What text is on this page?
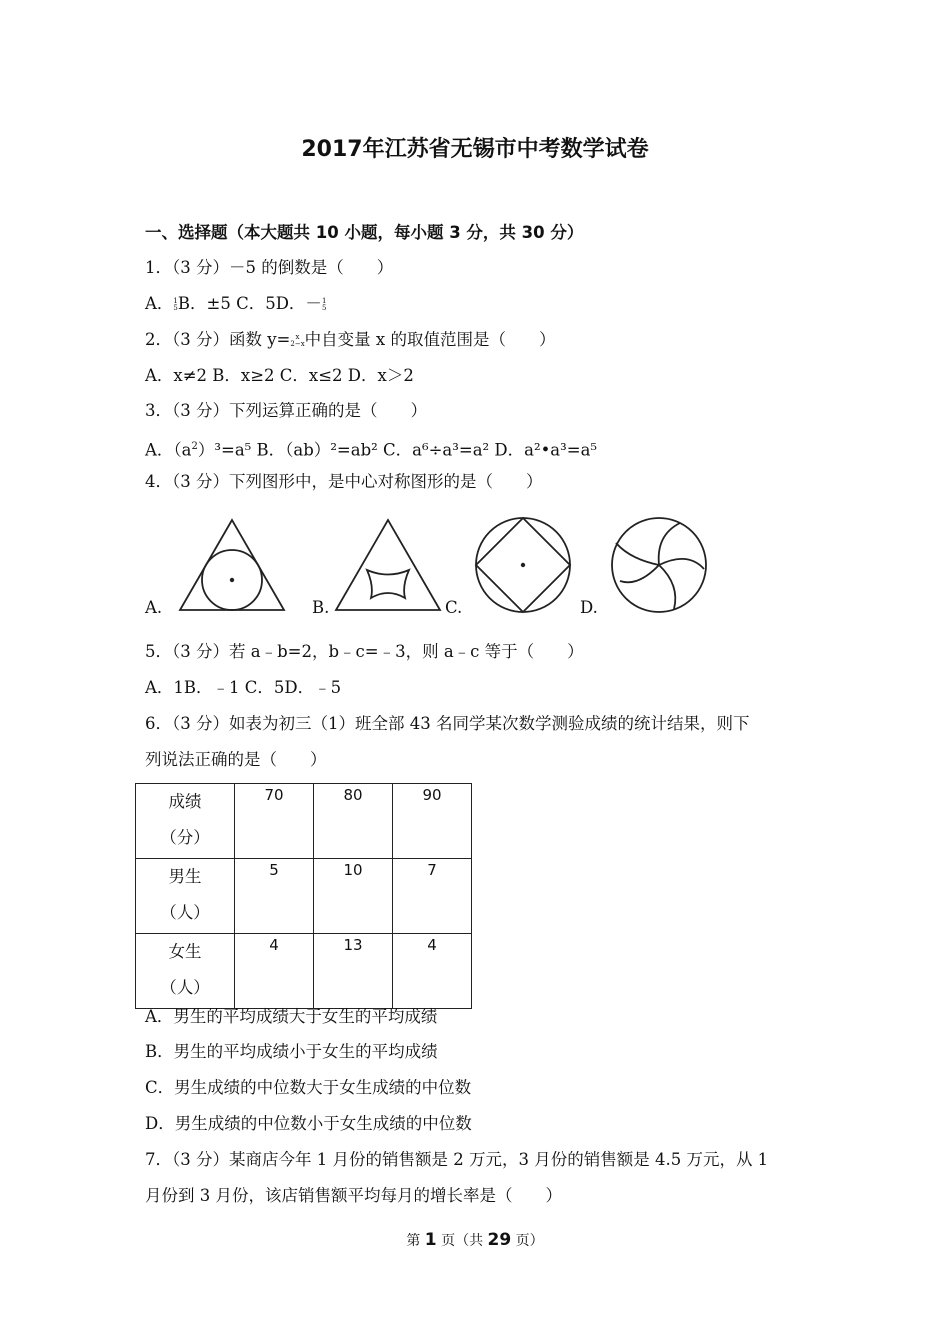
2017年江苏省无锡市中考数学试卷
一、选择题（本大题共 10 小题，每小题 3 分，共 30 分）
1．（3 分）－5 的倒数是（　　）
A．1
5B．±5 C．5D．－1
5
2．（3 分）函数 y= x
2−x中自变量 x 的取值范围是（　　）
A．x≠2 B．x≥2 C．x≤2 D．x＞2
3．（3 分）下列运算正确的是（　　）
A．$(a^2)^3=a^5$ B．（ab）²=ab² C．a⁶÷a³=a² D．a²•a³=a⁵
4．（3 分）下列图形中，是中心对称图形的是（　　）
A.	B.	C.	D.
5．（3 分）若 a﹣b=2，b﹣c=﹣3，则 a﹣c 等于（　　）
A．1B．﹣1 C．5D．﹣5
6．（3 分）如表为初三（1）班全部 43 名同学某次数学测验成绩的统计结果，则下
列说法正确的是（　　）
成绩
（分）	70	80	90
男生
（人）	5	10	7
女生
（人）	4	13	4
A．男生的平均成绩大于女生的平均成绩
B．男生的平均成绩小于女生的平均成绩
C．男生成绩的中位数大于女生成绩的中位数
D．男生成绩的中位数小于女生成绩的中位数
7．（3 分）某商店今年 1 月份的销售额是 2 万元，3 月份的销售额是 4.5 万元，从 1
月份到 3 月份，该店销售额平均每月的增长率是（　　）
第 1 页（共 29 页）
